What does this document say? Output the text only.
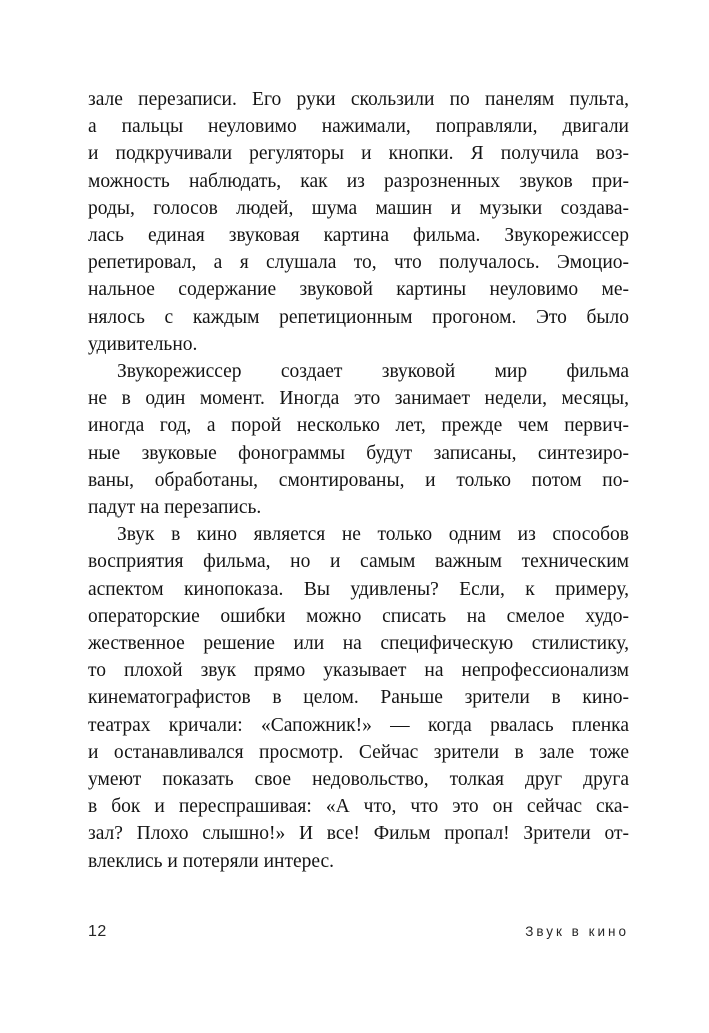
зале перезаписи. Его руки скользили по панелям пульта,
а пальцы неуловимо нажимали, поправляли, двигали
и подкручивали регуляторы и кнопки. Я получила воз-
можность наблюдать, как из разрозненных звуков при-
роды, голосов людей, шума машин и музыки создава-
лась единая звуковая картина фильма. Звукорежиссер
репетировал, а я слушала то, что получалось. Эмоцио-
нальное содержание звуковой картины неуловимо ме-
нялось с каждым репетиционным прогоном. Это было
удивительно.
Звукорежиссер создает звуковой мир фильма
не в один момент. Иногда это занимает недели, месяцы,
иногда год, а порой несколько лет, прежде чем первич-
ные звуковые фонограммы будут записаны, синтезиро-
ваны, обработаны, смонтированы, и только потом по-
падут на перезапись.
Звук в кино является не только одним из способов
восприятия фильма, но и самым важным техническим
аспектом кинопоказа. Вы удивлены? Если, к примеру,
операторские ошибки можно списать на смелое худо-
жественное решение или на специфическую стилистику,
то плохой звук прямо указывает на непрофессионализм
кинематографистов в целом. Раньше зрители в кино-
театрах кричали: «Сапожник!» — когда рвалась пленка
и останавливался просмотр. Сейчас зрители в зале тоже
умеют показать свое недовольство, толкая друг друга
в бок и переспрашивая: «А что, что это он сейчас ска-
зал? Плохо слышно!» И все! Фильм пропал! Зрители от-
влеклись и потеряли интерес.
12	Звук в кино
